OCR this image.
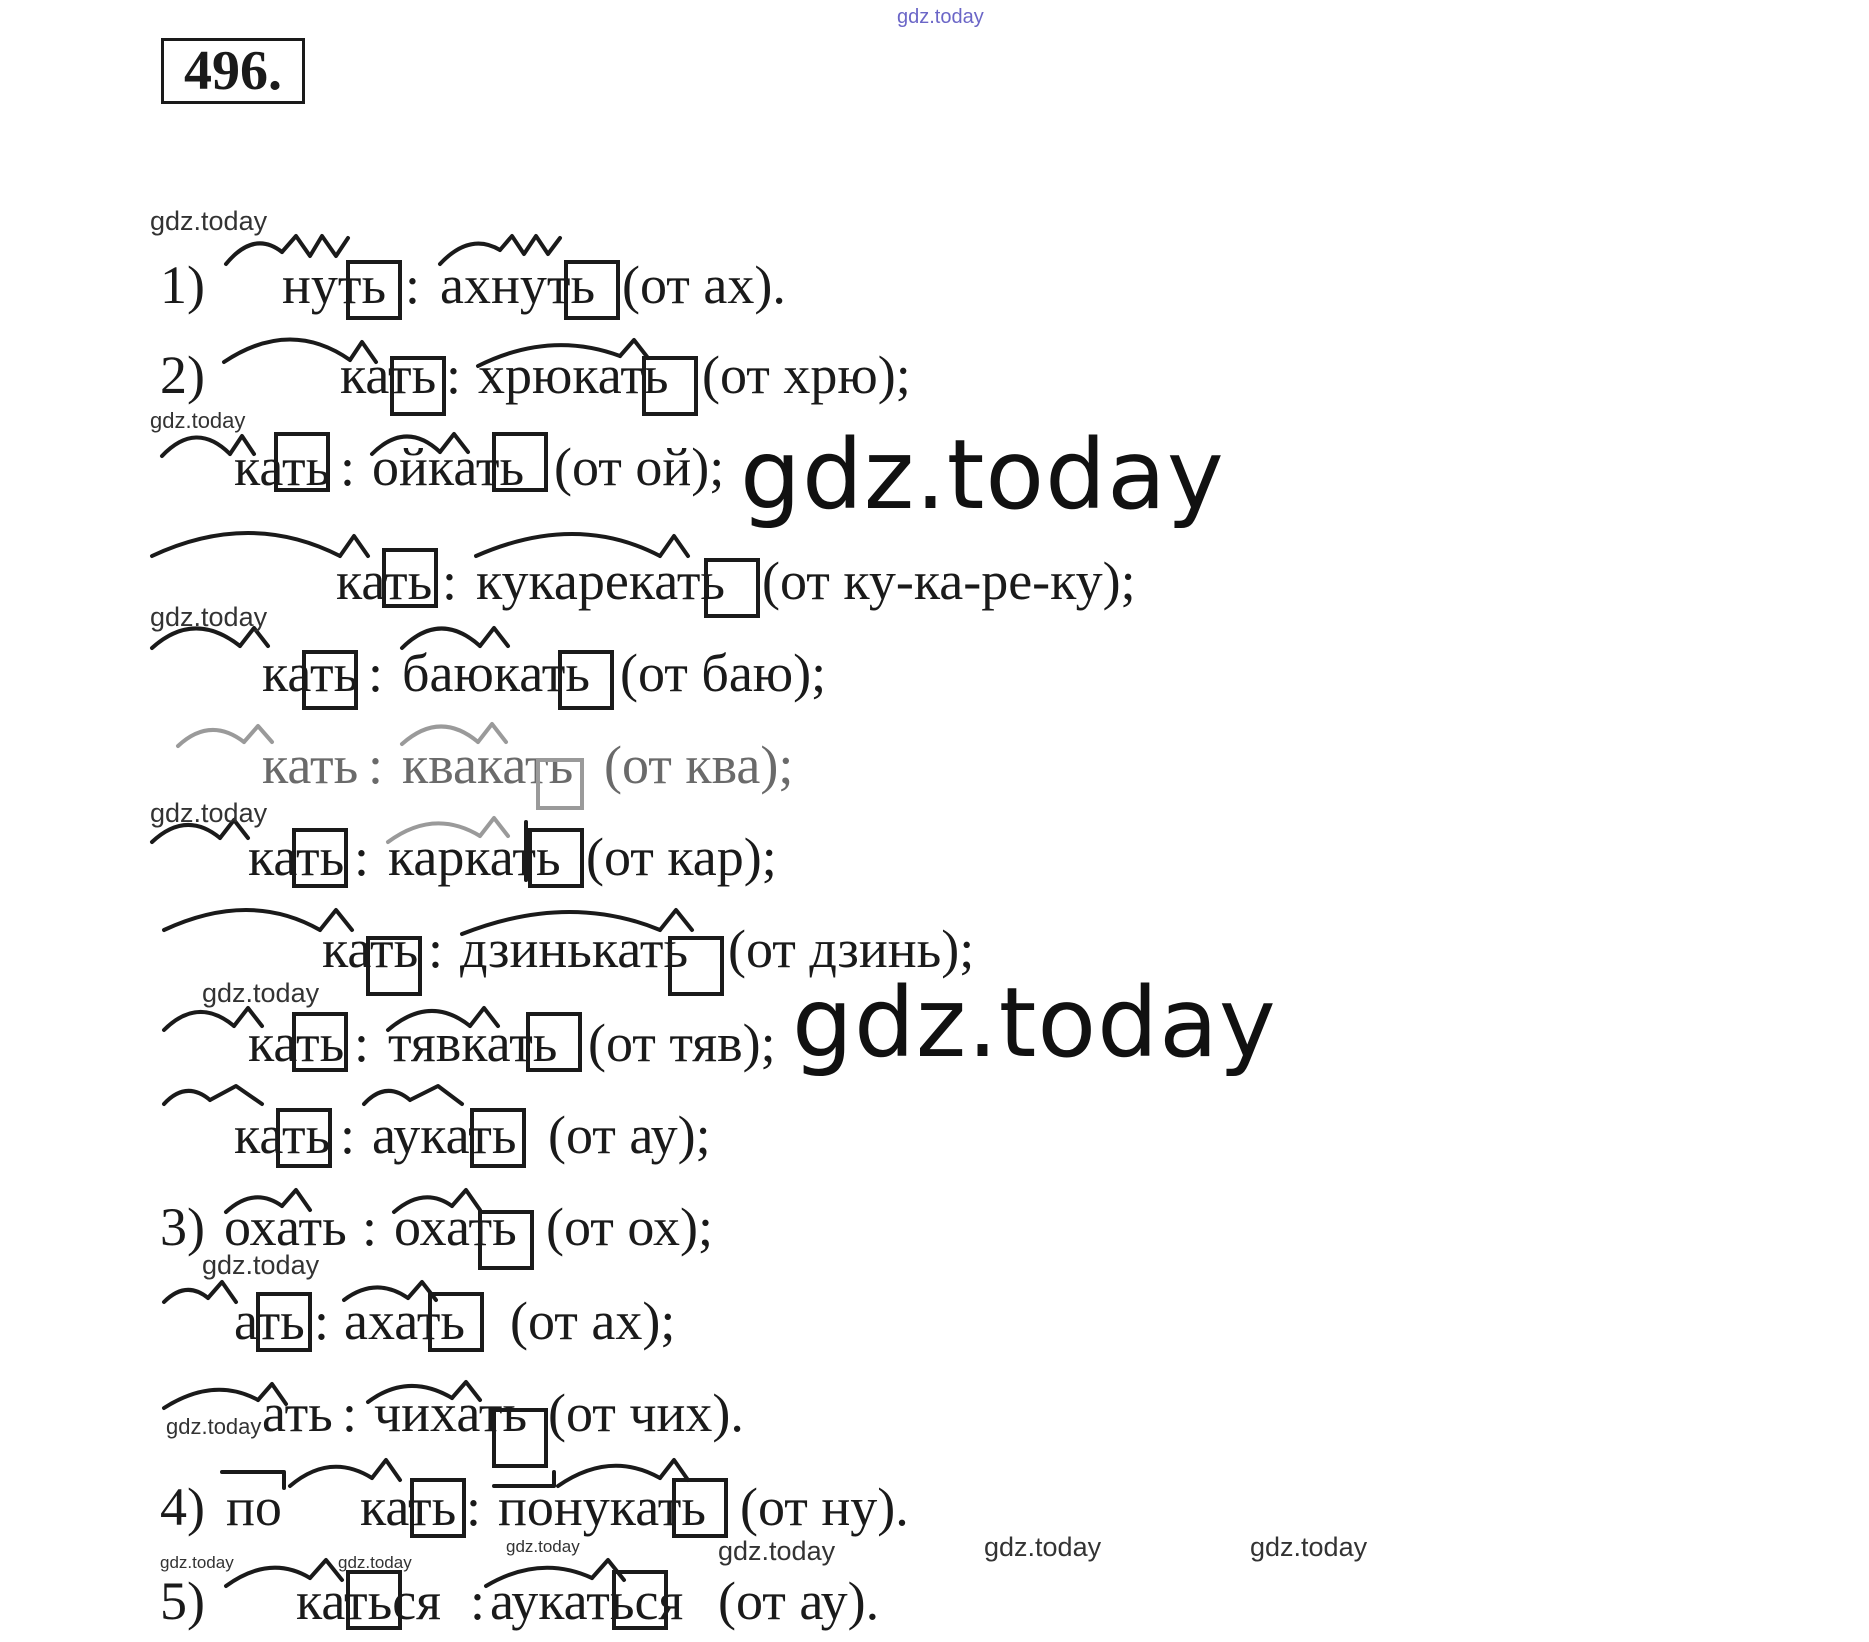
gdz.today
496.
1) нуть : ахнуть (от ах).
2)	кать : хрюкать (от хрю);
кать : ойкать (от ой);
кать : кукарекать (от ку-ка-ре-ку);
кать : баюкать (от баю);
кать : квакать (от ква);
кать : каркать (от кар);
кать : дзинькать (от дзинь);
кать : тявкать (от тяв);
кать : аукать (от ау);
3) охать : охать (от ох);
ать : ахать (от ах);
ать : чихать (от чих).
4) по кать : понукать (от ну).
5) каться : аукаться (от ау).
gdz.today
gdz.today
gdz.today
gdz.today
gdz.today
gdz.today
gdz.today
gdz.today	gdz.today
gdz.today	gdz.today	gdz.today	gdz.today
gdz.today
gdz.today
